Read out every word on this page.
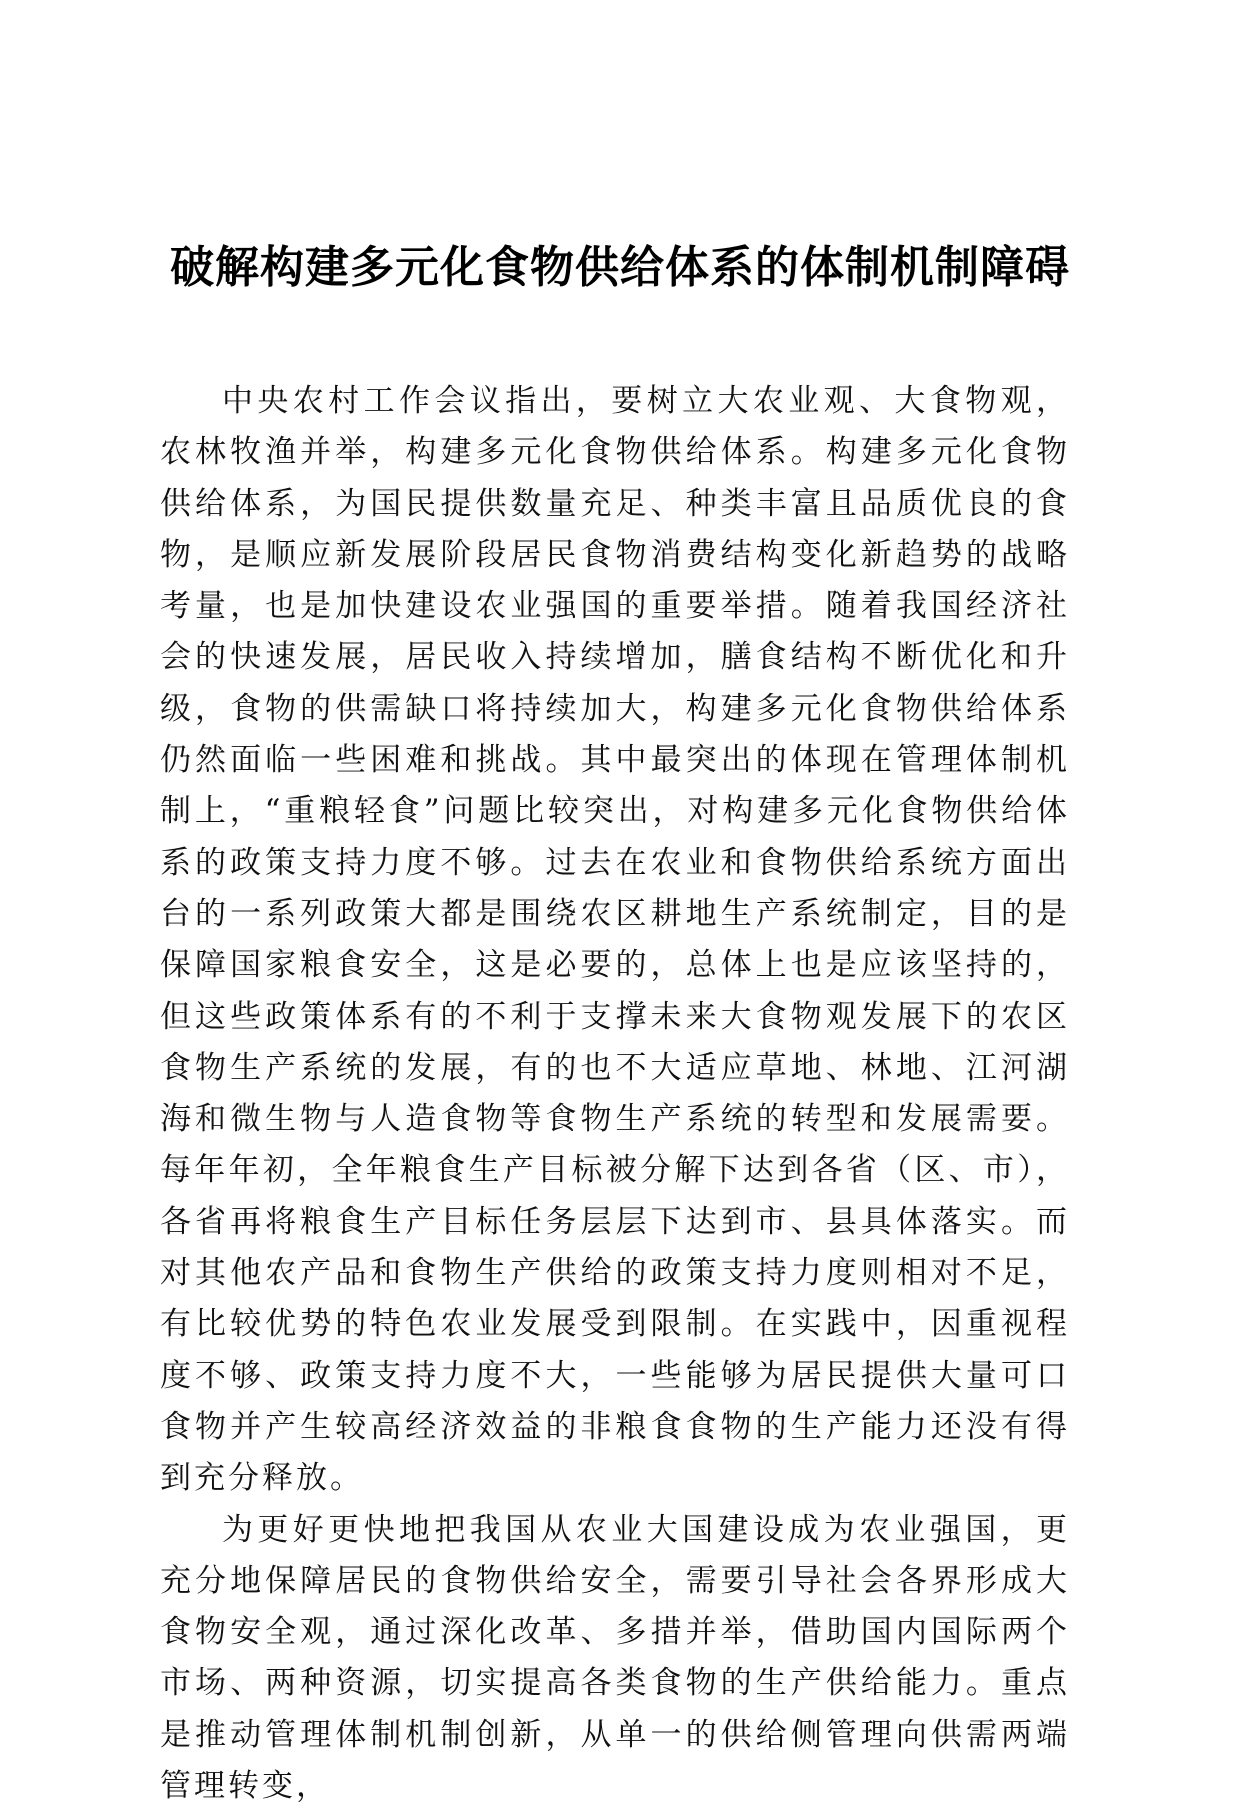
破解构建多元化食物供给体系的体制机制障碍

中央农村工作会议指出，要树立大农业观、大食物观，农林牧渔并举，构建多元化食物供给体系。构建多元化食物供给体系，为国民提供数量充足、种类丰富且品质优良的食物，是顺应新发展阶段居民食物消费结构变化新趋势的战略考量，也是加快建设农业强国的重要举措。随着我国经济社会的快速发展，居民收入持续增加，膳食结构不断优化和升级，食物的供需缺口将持续加大，构建多元化食物供给体系仍然面临一些困难和挑战。其中最突出的体现在管理体制机制上，“重粮轻食”问题比较突出，对构建多元化食物供给体系的政策支持力度不够。过去在农业和食物供给系统方面出台的一系列政策大都是围绕农区耕地生产系统制定，目的是保障国家粮食安全，这是必要的，总体上也是应该坚持的，但这些政策体系有的不利于支撑未来大食物观发展下的农区食物生产系统的发展，有的也不大适应草地、林地、江河湖海和微生物与人造食物等食物生产系统的转型和发展需要。每年年初，全年粮食生产目标被分解下达到各省（区、市），各省再将粮食生产目标任务层层下达到市、县具体落实。而对其他农产品和食物生产供给的政策支持力度则相对不足，有比较优势的特色农业发展受到限制。在实践中，因重视程度不够、政策支持力度不大，一些能够为居民提供大量可口食物并产生较高经济效益的非粮食食物的生产能力还没有得到充分释放。

为更好更快地把我国从农业大国建设成为农业强国，更充分地保障居民的食物供给安全，需要引导社会各界形成大食物安全观，通过深化改革、多措并举，借助国内国际两个市场、两种资源，切实提高各类食物的生产供给能力。重点是推动管理体制机制创新，从单一的供给侧管理向供需两端管理转变，
